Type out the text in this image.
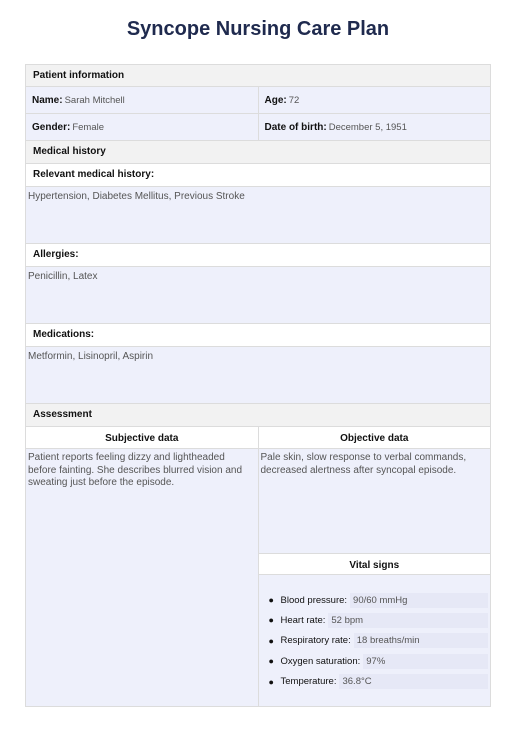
Syncope Nursing Care Plan
Patient information
Name: Sarah Mitchell	Age: 72
Gender: Female	Date of birth: December 5, 1951
Medical history
Relevant medical history:
Hypertension, Diabetes Mellitus, Previous Stroke
Allergies:
Penicillin, Latex
Medications:
Metformin, Lisinopril, Aspirin
Assessment
Subjective data
Patient reports feeling dizzy and lightheaded before fainting. She describes blurred vision and sweating just before the episode.
Objective data
Pale skin, slow response to verbal commands, decreased alertness after syncopal episode.
Vital signs
● Blood pressure: 90/60 mmHg
● Heart rate: 52 bpm
● Respiratory rate: 18 breaths/min
● Oxygen saturation: 97%
● Temperature: 36.8°C
